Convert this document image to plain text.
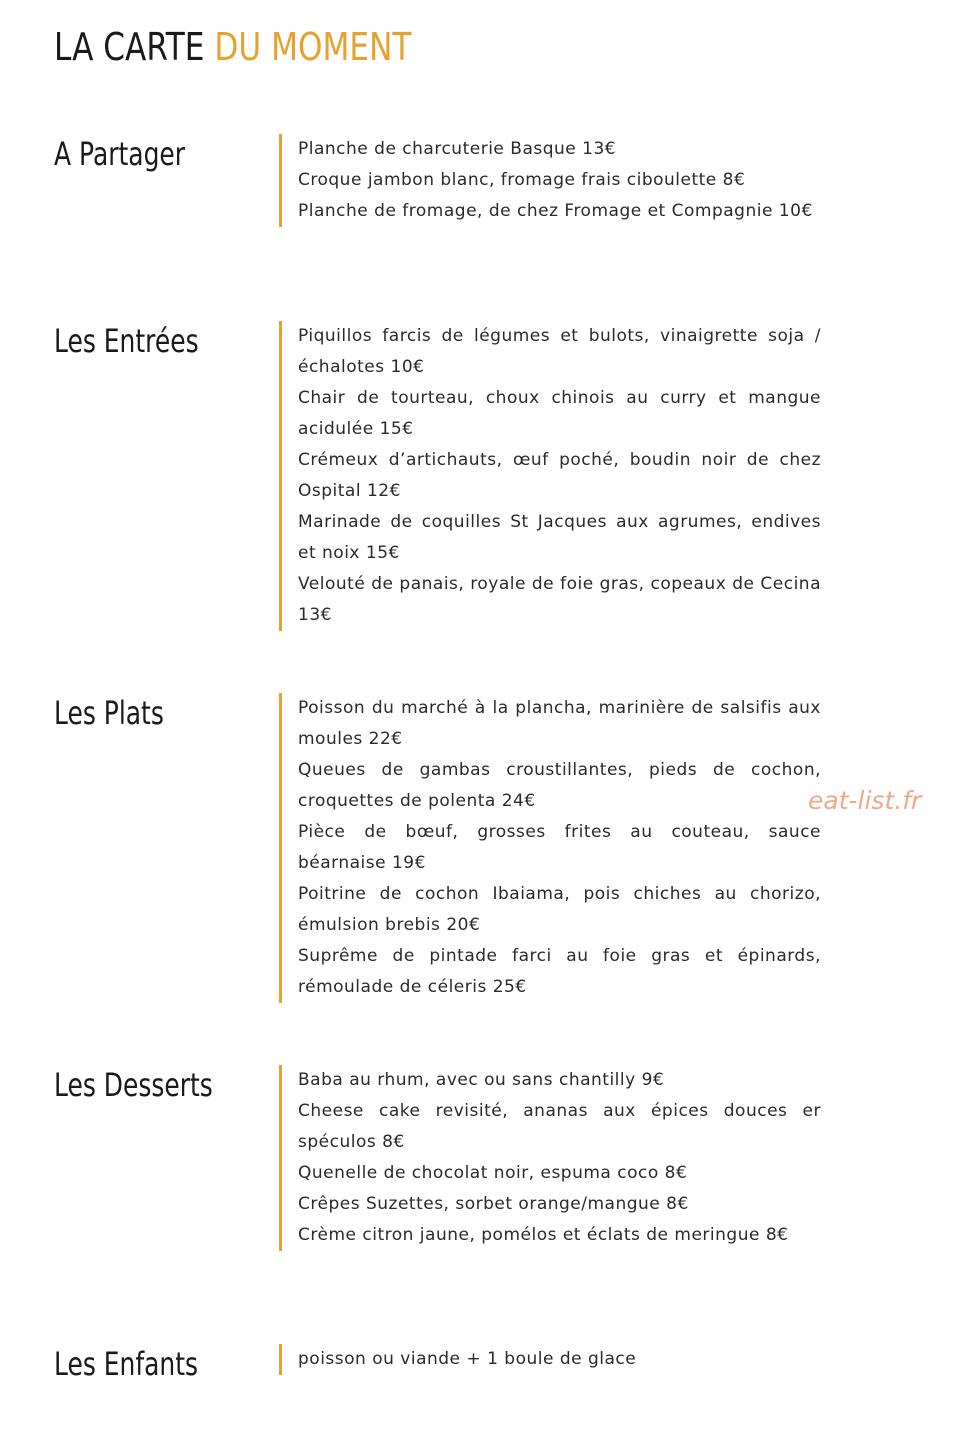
LA CARTE DU MOMENT
A Partager	Planche de charcuterie Basque 13€
Croque jambon blanc, fromage frais ciboulette 8€
Planche de fromage, de chez Fromage et Compagnie 10€
Les Entrées	Piquillos farcis de légumes et bulots, vinaigrette soja / échalotes 10€
Chair de tourteau, choux chinois au curry et mangue acidulée 15€
Crémeux d’artichauts, œuf poché, boudin noir de chez Ospital 12€
Marinade de coquilles St Jacques aux agrumes, endives et noix 15€
Velouté de panais, royale de foie gras, copeaux de Cecina 13€
Les Plats	Poisson du marché à la plancha, marinière de salsifis aux moules 22€
Queues de gambas croustillantes, pieds de cochon, croquettes de polenta 24€
Pièce de bœuf, grosses frites au couteau, sauce béarnaise 19€
Poitrine de cochon Ibaiama, pois chiches au chorizo, émulsion brebis 20€
Suprême de pintade farci au foie gras et épinards, rémoulade de céleris 25€
Les Desserts	Baba au rhum, avec ou sans chantilly 9€
Cheese cake revisité, ananas aux épices douces er spéculos 8€
Quenelle de chocolat noir, espuma coco 8€
Crêpes Suzettes, sorbet orange/mangue 8€
Crème citron jaune, pomélos et éclats de meringue 8€
Les Enfants	poisson ou viande + 1 boule de glace
eat-list.fr
